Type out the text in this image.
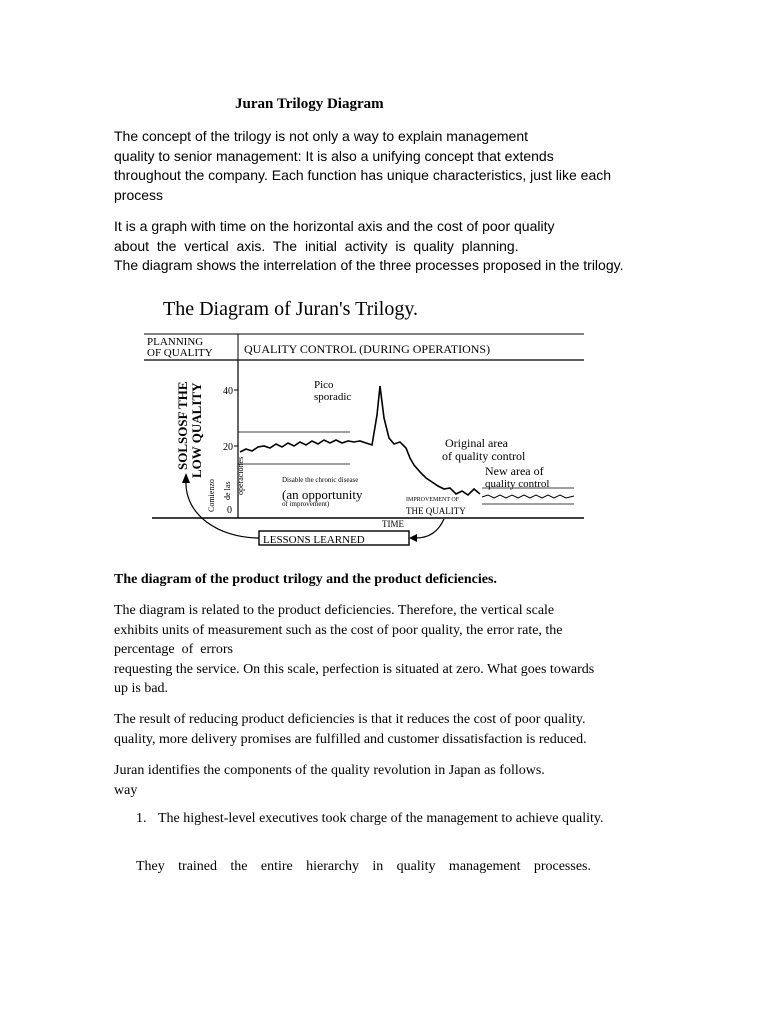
Juran Trilogy Diagram

The concept of the trilogy is not only a way to explain management

quality to senior management: It is also a unifying concept that extends

throughout the company. Each function has unique characteristics, just like each

process

It is a graph with time on the horizontal axis and the cost of poor quality

about the vertical axis. The initial activity is quality planning.

The diagram shows the interrelation of the three processes proposed in the trilogy.

The Diagram of Juran's Trilogy.
PLANNING
OF QUALITY	QUALITY CONTROL (DURING OPERATIONS)
SOLSOSF THE LOW QUALITY
Comienzo de las operaciones
40
20
0
Pico
sporadic
Original area
of quality control
New area of
quality control
Disable the chronic disease
(an opportunity
of improvement)	IMPROVEMENT OF
THE QUALITY
TIME
LESSONS LEARNED
The diagram of the product trilogy and the product deficiencies.

The diagram is related to the product deficiencies. Therefore, the vertical scale

exhibits units of measurement such as the cost of poor quality, the error rate, the

percentage  of  errors

requesting the service. On this scale, perfection is situated at zero. What goes towards

up is bad.

The result of reducing product deficiencies is that it reduces the cost of poor quality.

quality, more delivery promises are fulfilled and customer dissatisfaction is reduced.

Juran identifies the components of the quality revolution in Japan as follows.

way

1. The highest-level executives took charge of the management to achieve quality.
They trained the entire hierarchy in quality management processes.
